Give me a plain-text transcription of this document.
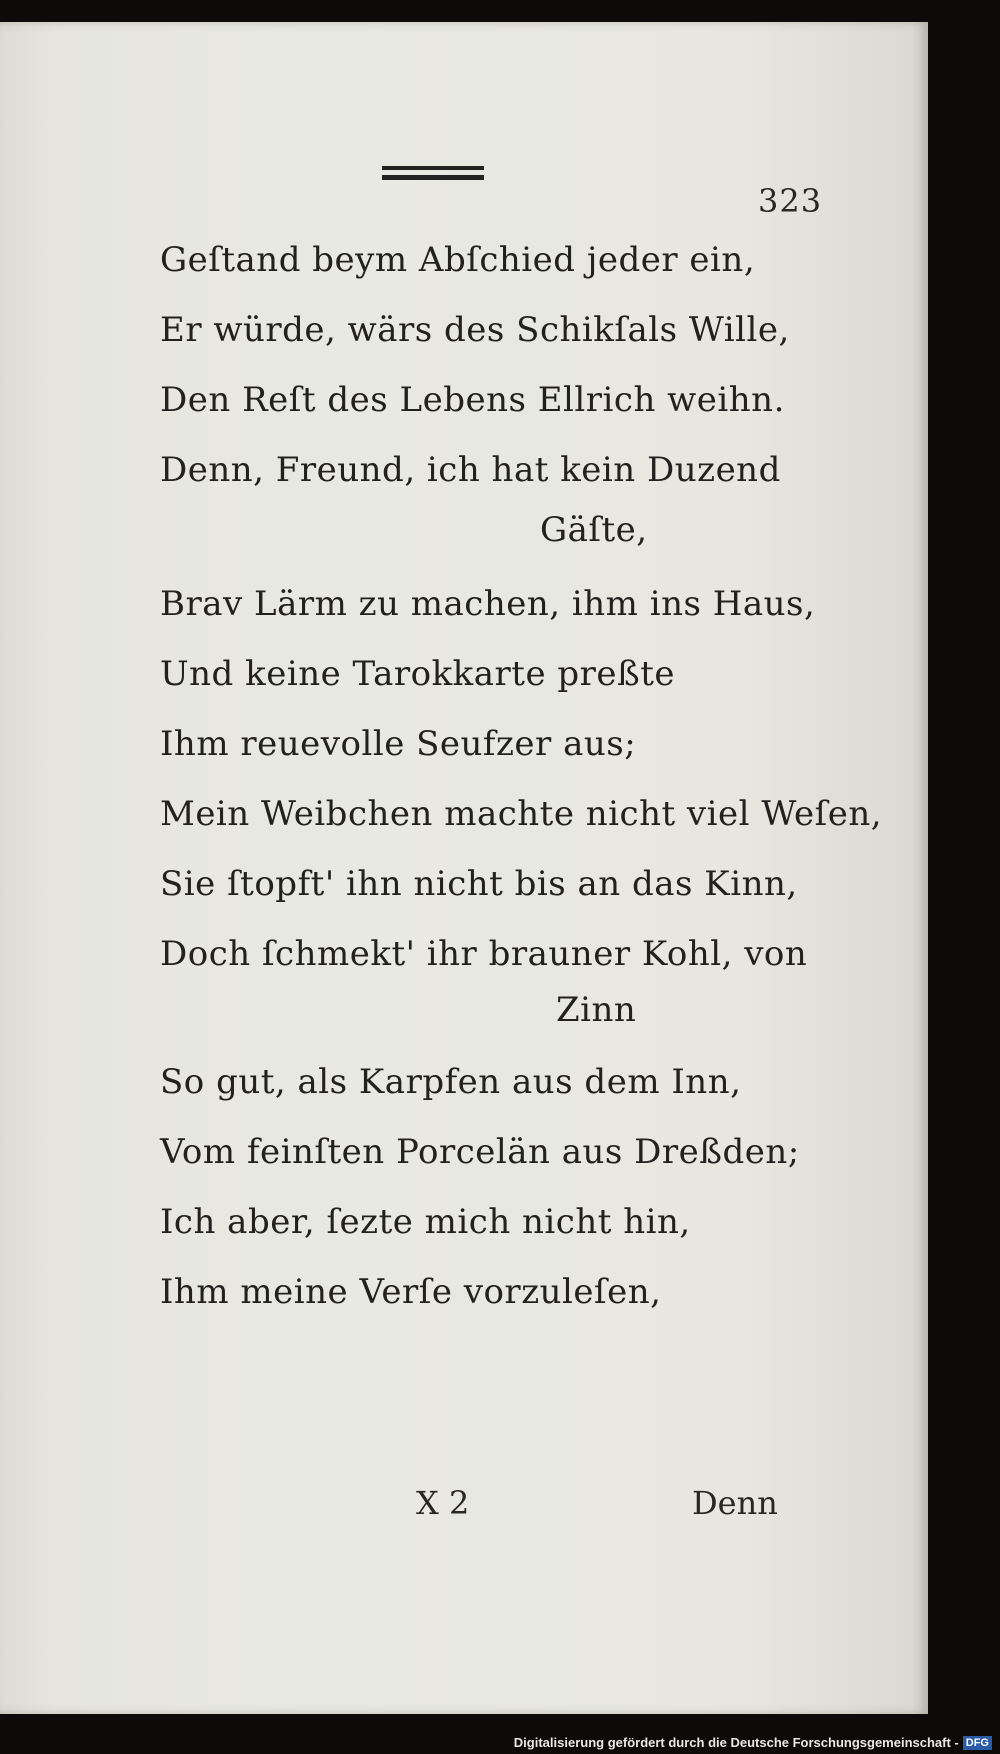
323
Geſtand beym Abſchied jeder ein,
Er würde, wärs des Schikſals Wille,
Den Reſt des Lebens Ellrich weihn.
Denn, Freund, ich hat kein Duzend
Gäſte,
Brav Lärm zu machen, ihm ins Haus,
Und keine Tarokkarte preßte
Ihm reuevolle Seufzer aus;
Mein Weibchen machte nicht viel Weſen,
Sie ſtopft' ihn nicht bis an das Kinn,
Doch ſchmekt' ihr brauner Kohl, von
Zinn
So gut, als Karpfen aus dem Inn,
Vom feinſten Porcelän aus Dreßden;
Ich aber, ſezte mich nicht hin,
Ihm meine Verſe vorzuleſen,
X 2	Denn
Digitalisierung gefördert durch die Deutsche Forschungsgemeinschaft - DFG
